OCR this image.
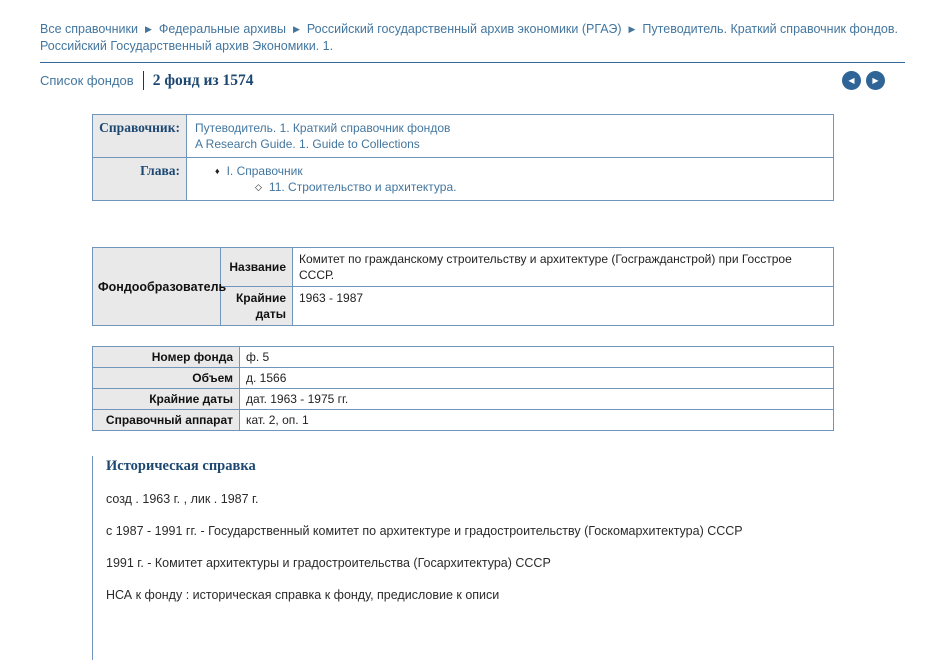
Все справочники ▶ Федеральные архивы ▶ Российский государственный архив экономики (РГАЭ) ▶ Путеводитель. Краткий справочник фондов. Российский Государственный архив Экономики. 1.
Список фондов 2 фонд из 1574	◀	▶
Справочник:	Путеводитель. 1. Краткий справочник фондов
A Research Guide. 1. Guide to Collections

Глава:	♦ I. Справочник
◇ 11. Строительство и архитектура.
Фондообразователь	Название	Комитет по гражданскому строительству и архитектуре (Госгражданстрой) при Госстрое СССР.
	Крайние даты	1963 - 1987
Номер фонда	ф. 5
Объем	д. 1566
Крайние даты	дат. 1963 - 1975 гг.
Справочный аппарат	кат. 2, оп. 1
Историческая справка

созд . 1963 г. , лик . 1987 г.

с 1987 - 1991 гг. - Государственный комитет по архитектуре и градостроительству (Госкомархитектура) СССР

1991 г. - Комитет архитектуры и градостроительства (Госархитектура) СССР

НСА к фонду : историческая справка к фонду, предисловие к описи
